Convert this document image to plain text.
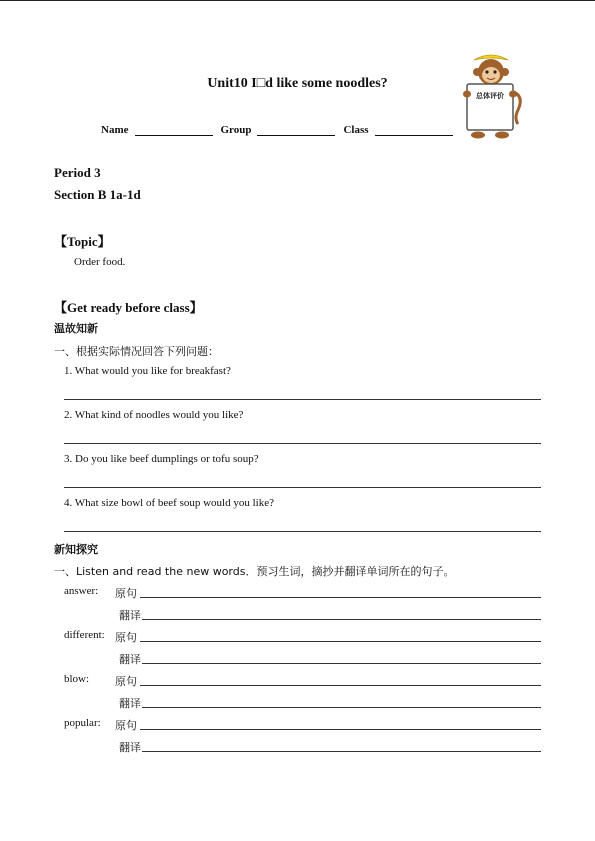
Unit10 I□d like some noodles?
Name	Group	Class
总体评价
Period 3
Section B 1a-1d
【Topic】
Order food.
【Get ready before class】
温故知新
一、根据实际情况回答下列问题：
1. What would you like for breakfast?
2. What kind of noodles would you like?
3. Do you like beef dumplings or tofu soup?
4. What size bowl of beef soup would you like?
新知探究
一、Listen and read the new words．预习生词，摘抄并翻译单词所在的句子。
answer: 原句
翻译
different: 原句
翻译
blow: 原句
翻译
popular: 原句
翻译
